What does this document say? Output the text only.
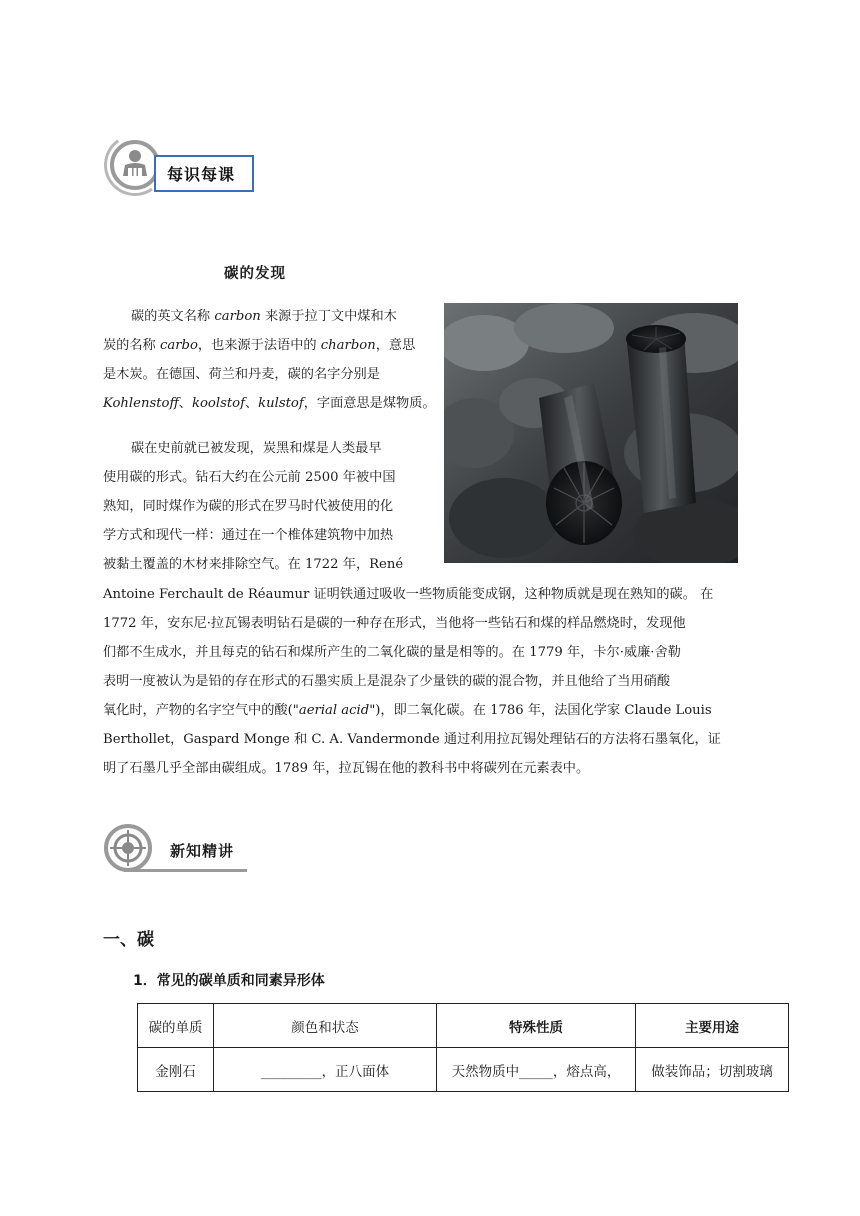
每识每课
碳的发现
碳的英文名称 carbon 来源于拉丁文中煤和木
炭的名称 carbo，也来源于法语中的 charbon，意思
是木炭。在德国、荷兰和丹麦，碳的名字分别是
Kohlenstoff、koolstof、kulstof，字面意思是煤物质。
碳在史前就已被发现，炭黑和煤是人类最早
使用碳的形式。钻石大约在公元前 2500 年被中国
熟知，同时煤作为碳的形式在罗马时代被使用的化
学方式和现代一样：通过在一个椎体建筑物中加热
被黏土覆盖的木材来排除空气。在 1722 年，René
Antoine Ferchault de Réaumur 证明铁通过吸收一些物质能变成钢，这种物质就是现在熟知的碳。 在
1772 年，安东尼·拉瓦锡表明钻石是碳的一种存在形式，当他将一些钻石和煤的样品燃烧时，发现他
们都不生成水，并且每克的钻石和煤所产生的二氧化碳的量是相等的。在 1779 年，卡尔·威廉·舍勒
表明一度被认为是铅的存在形式的石墨实质上是混杂了少量铁的碳的混合物，并且他给了当用硝酸
氧化时，产物的名字空气中的酸("aerial acid")，即二氧化碳。在 1786 年，法国化学家 Claude Louis
Berthollet，Gaspard Monge 和 C. A. Vandermonde 通过利用拉瓦锡处理钻石的方法将石墨氧化，证
明了石墨几乎全部由碳组成。1789 年，拉瓦锡在他的教科书中将碳列在元素表中。
新知精讲
一、碳
1．常见的碳单质和同素异形体
碳的单质	颜色和状态	特殊性质	主要用途
金刚石	_________，正八面体	天然物质中_____，熔点高，	做装饰品；切割玻璃
